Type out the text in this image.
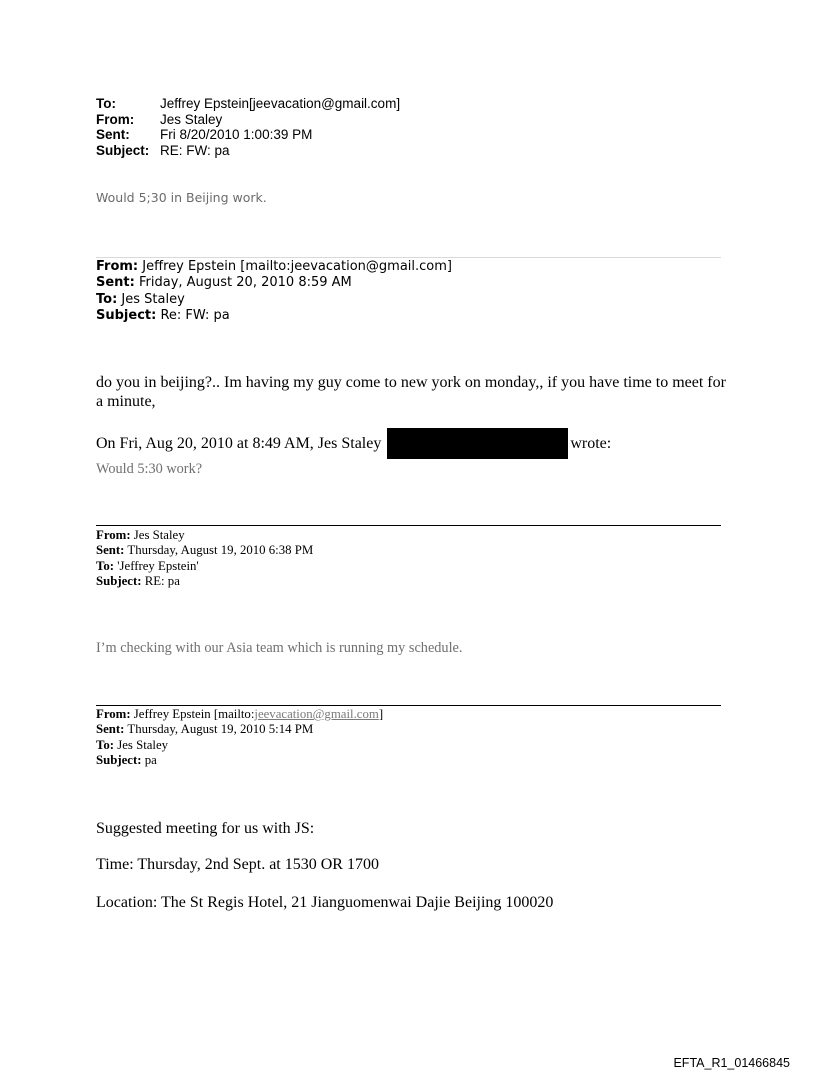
To:	Jeffrey Epstein[jeevacation@gmail.com]
From:	Jes Staley
Sent:	Fri 8/20/2010 1:00:39 PM
Subject: RE: FW: pa
Would 5;30 in Beijing work.
From: Jeffrey Epstein [mailto:jeevacation@gmail.com]
Sent: Friday, August 20, 2010 8:59 AM
To: Jes Staley
Subject: Re: FW: pa
do you in beijing?.. Im having my guy come to new york on monday,, if you have time to meet for a minute,
On Fri, Aug 20, 2010 at 8:49 AM, Jes Staley	wrote:
Would 5:30 work?
From: Jes Staley
Sent: Thursday, August 19, 2010 6:38 PM
To: 'Jeffrey Epstein'
Subject: RE: pa
I’m checking with our Asia team which is running my schedule.
From: Jeffrey Epstein [mailto:jeevacation@gmail.com]
Sent: Thursday, August 19, 2010 5:14 PM
To: Jes Staley
Subject: pa
Suggested meeting for us with JS:
Time: Thursday, 2nd Sept. at 1530 OR 1700
Location: The St Regis Hotel, 21 Jianguomenwai Dajie Beijing 100020
EFTA_R1_01466845
